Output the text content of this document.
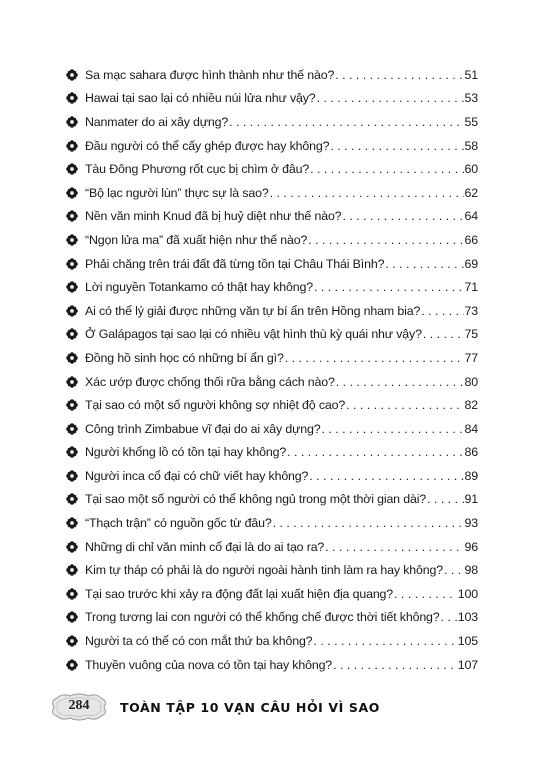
Sa mạc sahara được hình thành như thế nào? . . .	51
Hawai tại sao lại có nhiều núi lửa như vậy? . . .	53
Nanmater do ai xây dựng? . . .	55
Đầu người có thể cấy ghép được hay không? . . .	58
Tàu Đông Phương rốt cục bị chìm ở đâu? . . .	60
“Bộ lạc người lùn” thực sự là sao? . . .	62
Nền văn minh Knud đã bị huỷ diệt như thế nào? . . .	64
“Ngọn lửa ma” đã xuất hiện như thế nào? . . .	66
Phải chăng trên trái đất đã từng tồn tại Châu Thái Bình? . . .	69
Lời nguyền Totankamo có thật hay không? . . .	71
Ai có thể lý giải được những văn tự bí ẩn trên Hồng nham bia? . . .	73
Ở Galápagos tại sao lại có nhiều vật hình thù kỳ quái như vậy? . . .	75
Đồng hồ sinh học có những bí ẩn gì? . . .	77
Xác ướp được chống thối rữa bằng cách nào? . . .	80
Tại sao có một số người không sợ nhiệt độ cao? . . .	82
Công trình Zimbabue vĩ đại do ai xây dựng? . . .	84
Người khổng lồ có tồn tại hay không? . . .	86
Người inca cổ đại có chữ viết hay không? . . .	89
Tại sao một số người có thể không ngủ trong một thời gian dài? . . .	91
“Thạch trận” có nguồn gốc từ đâu? . . .	93
Những di chỉ văn minh cổ đại là do ai tạo ra? . . .	96
Kim tự tháp có phải là do người ngoài hành tinh làm ra hay không? . . . 98
Tại sao trước khi xảy ra động đất lại xuất hiện địa quang? . . .	100
Trong tương lai con người có thể khống chế được thời tiết không? . . . 103
Người ta có thể có con mắt thứ ba không? . . .	105
Thuyền vuông của nova có tồn tại hay không? . . .	107
284	TOÀN TẬP 10 VẠN CÂU HỎI VÌ SAO
